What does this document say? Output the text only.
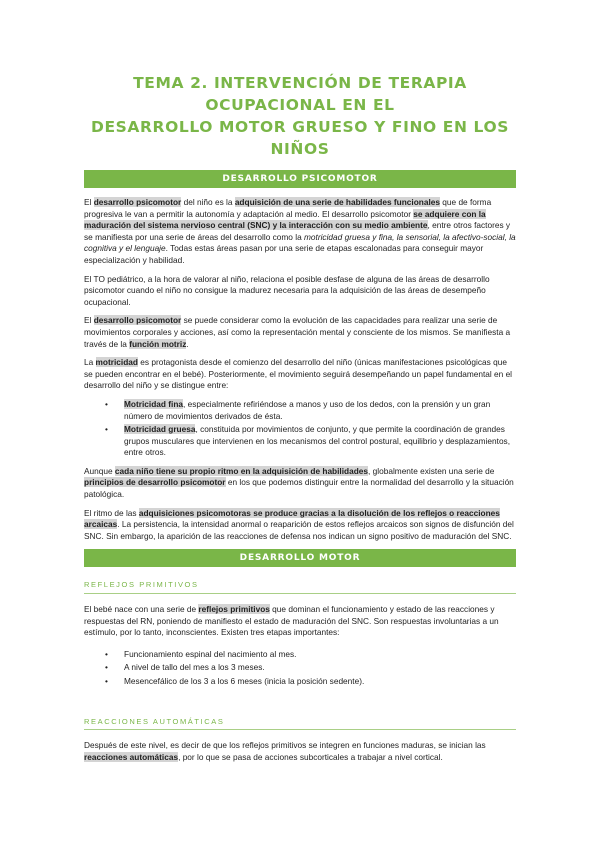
TEMA 2. INTERVENCIÓN DE TERAPIA OCUPACIONAL EN EL
DESARROLLO MOTOR GRUESO Y FINO EN LOS NIÑOS
DESARROLLO PSICOMOTOR

El desarrollo psicomotor del niño es la adquisición de una serie de habilidades funcionales que de forma progresiva le van a permitir la autonomía y adaptación al medio. El desarrollo psicomotor se adquiere con la maduración del sistema nervioso central (SNC) y la interacción con su medio ambiente, entre otros factores y se manifiesta por una serie de áreas del desarrollo como la motricidad gruesa y fina, la sensorial, la afectivo-social, la cognitiva y el lenguaje. Todas estas áreas pasan por una serie de etapas escalonadas para conseguir mayor especialización y habilidad.

El TO pediátrico, a la hora de valorar al niño, relaciona el posible desfase de alguna de las áreas de desarrollo psicomotor cuando el niño no consigue la madurez necesaria para la adquisición de las áreas de desempeño ocupacional.

El desarrollo psicomotor se puede considerar como la evolución de las capacidades para realizar una serie de movimientos corporales y acciones, así como la representación mental y consciente de los mismos. Se manifiesta a través de la función motriz.

La motricidad es protagonista desde el comienzo del desarrollo del niño (únicas manifestaciones psicológicas que se pueden encontrar en el bebé). Posteriormente, el movimiento seguirá desempeñando un papel fundamental en el desarrollo del niño y se distingue entre:

• Motricidad fina, especialmente refiriéndose a manos y uso de los dedos, con la prensión y un gran número de movimientos derivados de ésta.
• Motricidad gruesa, constituida por movimientos de conjunto, y que permite la coordinación de grandes grupos musculares que intervienen en los mecanismos del control postural, equilibrio y desplazamientos, entre otros.

Aunque cada niño tiene su propio ritmo en la adquisición de habilidades, globalmente existen una serie de principios de desarrollo psicomotor en los que podemos distinguir entre la normalidad del desarrollo y la situación patológica.

El ritmo de las adquisiciones psicomotoras se produce gracias a la disolución de los reflejos o reacciones arcaicas. La persistencia, la intensidad anormal o reaparición de estos reflejos arcaicos son signos de disfunción del SNC. Sin embargo, la aparición de las reacciones de defensa nos indican un signo positivo de maduración del SNC.

DESARROLLO MOTOR
REFLEJOS PRIMITIVOS

El bebé nace con una serie de reflejos primitivos que dominan el funcionamiento y estado de las reacciones y respuestas del RN, poniendo de manifiesto el estado de maduración del SNC. Son respuestas involuntarias a un estímulo, por lo tanto, inconscientes. Existen tres etapas importantes:

• Funcionamiento espinal del nacimiento al mes.
• A nivel de tallo del mes a los 3 meses.
• Mesencefálico de los 3 a los 6 meses (inicia la posición sedente).
REACCIONES AUTOMÁTICAS

Después de este nivel, es decir de que los reflejos primitivos se integren en funciones maduras, se inician las reacciones automáticas, por lo que se pasa de acciones subcorticales a trabajar a nivel cortical.
